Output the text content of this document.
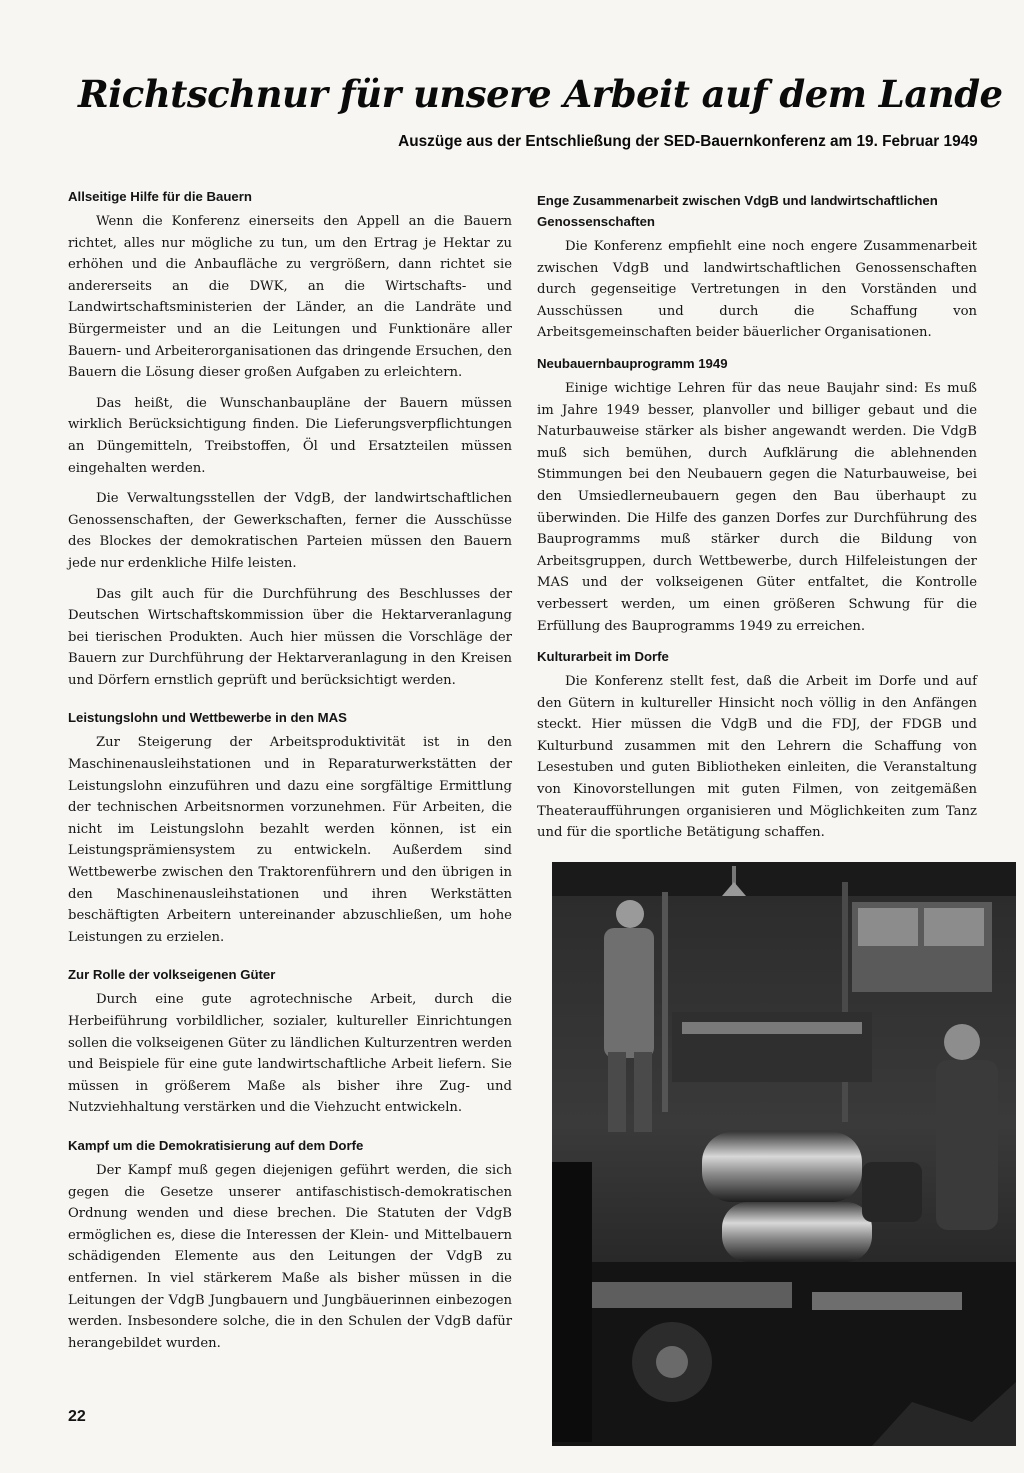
Richtschnur für unsere Arbeit auf dem Lande
Auszüge aus der Entschließung der SED-Bauernkonferenz am 19. Februar 1949
Allseitige Hilfe für die Bauern

Wenn die Konferenz einerseits den Appell an die Bauern richtet, alles nur mögliche zu tun, um den Ertrag je Hektar zu erhöhen und die Anbaufläche zu vergrößern, dann richtet sie andererseits an die DWK, an die Wirtschafts- und Landwirtschaftsministerien der Länder, an die Landräte und Bürgermeister und an die Leitungen und Funktionäre aller Bauern- und Arbeiterorganisationen das dringende Ersuchen, den Bauern die Lösung dieser großen Aufgaben zu erleichtern.

Das heißt, die Wunschanbaupläne der Bauern müssen wirklich Berücksichtigung finden. Die Lieferungsverpflichtungen an Düngemitteln, Treibstoffen, Öl und Ersatzteilen müssen eingehalten werden.

Die Verwaltungsstellen der VdgB, der landwirtschaftlichen Genossenschaften, der Gewerkschaften, ferner die Ausschüsse des Blockes der demokratischen Parteien müssen den Bauern jede nur erdenkliche Hilfe leisten.

Das gilt auch für die Durchführung des Beschlusses der Deutschen Wirtschaftskommission über die Hektarveranlagung bei tierischen Produkten. Auch hier müssen die Vorschläge der Bauern zur Durchführung der Hektarveranlagung in den Kreisen und Dörfern ernstlich geprüft und berücksichtigt werden.

Leistungslohn und Wettbewerbe in den MAS

Zur Steigerung der Arbeitsproduktivität ist in den Maschinenausleihstationen und in Reparaturwerkstätten der Leistungslohn einzuführen und dazu eine sorgfältige Ermittlung der technischen Arbeitsnormen vorzunehmen. Für Arbeiten, die nicht im Leistungslohn bezahlt werden können, ist ein Leistungsprämiensystem zu entwickeln. Außerdem sind Wettbewerbe zwischen den Traktorenführern und den übrigen in den Maschinenausleihstationen und ihren Werkstätten beschäftigten Arbeitern untereinander abzuschließen, um hohe Leistungen zu erzielen.

Zur Rolle der volkseigenen Güter

Durch eine gute agrotechnische Arbeit, durch die Herbeiführung vorbildlicher, sozialer, kultureller Einrichtungen sollen die volkseigenen Güter zu ländlichen Kulturzentren werden und Beispiele für eine gute landwirtschaftliche Arbeit liefern. Sie müssen in größerem Maße als bisher ihre Zug- und Nutzviehhaltung verstärken und die Viehzucht entwickeln.

Kampf um die Demokratisierung auf dem Dorfe

Der Kampf muß gegen diejenigen geführt werden, die sich gegen die Gesetze unserer antifaschistisch-demokratischen Ordnung wenden und diese brechen. Die Statuten der VdgB ermöglichen es, diese die Interessen der Klein- und Mittelbauern schädigenden Elemente aus den Leitungen der VdgB zu entfernen. In viel stärkerem Maße als bisher müssen in die Leitungen der VdgB Jungbauern und Jungbäuerinnen einbezogen werden. Insbesondere solche, die in den Schulen der VdgB dafür herangebildet wurden.

Enge Zusammenarbeit zwischen VdgB und landwirtschaftlichen Genossenschaften

Die Konferenz empfiehlt eine noch engere Zusammenarbeit zwischen VdgB und landwirtschaftlichen Genossenschaften durch gegenseitige Vertretungen in den Vorständen und Ausschüssen und durch die Schaffung von Arbeitsgemeinschaften beider bäuerlicher Organisationen.

Neubauernbauprogramm 1949

Einige wichtige Lehren für das neue Baujahr sind: Es muß im Jahre 1949 besser, planvoller und billiger gebaut und die Naturbauweise stärker als bisher angewandt werden. Die VdgB muß sich bemühen, durch Aufklärung die ablehnenden Stimmungen bei den Neubauern gegen die Naturbauweise, bei den Umsiedlerneubauern gegen den Bau überhaupt zu überwinden. Die Hilfe des ganzen Dorfes zur Durchführung des Bauprogramms muß stärker durch die Bildung von Arbeitsgruppen, durch Wettbewerbe, durch Hilfeleistungen der MAS und der volkseigenen Güter entfaltet, die Kontrolle verbessert werden, um einen größeren Schwung für die Erfüllung des Bauprogramms 1949 zu erreichen.

Kulturarbeit im Dorfe

Die Konferenz stellt fest, daß die Arbeit im Dorfe und auf den Gütern in kultureller Hinsicht noch völlig in den Anfängen steckt. Hier müssen die VdgB und die FDJ, der FDGB und Kulturbund zusammen mit den Lehrern die Schaffung von Lesestuben und guten Bibliotheken einleiten, die Veranstaltung von Kinovorstellungen mit guten Filmen, von zeitgemäßen Theateraufführungen organisieren und Möglichkeiten zum Tanz und für die sportliche Betätigung schaffen.

22
